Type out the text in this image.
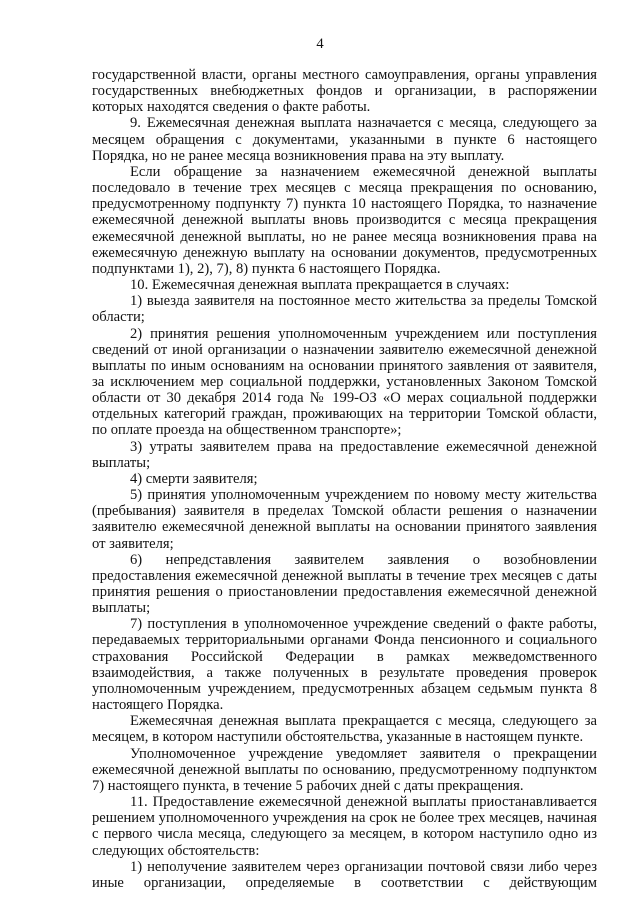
4

государственной власти, органы местного самоуправления, органы управления государственных внебюджетных фондов и организации, в распоряжении которых находятся сведения о факте работы.

9. Ежемесячная денежная выплата назначается с месяца, следующего за месяцем обращения с документами, указанными в пункте 6 настоящего Порядка, но не ранее месяца возникновения права на эту выплату.

Если обращение за назначением ежемесячной денежной выплаты последовало в течение трех месяцев с месяца прекращения по основанию, предусмотренному подпункту 7) пункта 10 настоящего Порядка, то назначение ежемесячной денежной выплаты вновь производится с месяца прекращения ежемесячной денежной выплаты, но не ранее месяца возникновения права на ежемесячную денежную выплату на основании документов, предусмотренных подпунктами 1), 2), 7), 8) пункта 6 настоящего Порядка.

10. Ежемесячная денежная выплата прекращается в случаях:

1) выезда заявителя на постоянное место жительства за пределы Томской области;

2) принятия решения уполномоченным учреждением или поступления сведений от иной организации о назначении заявителю ежемесячной денежной выплаты по иным основаниям на основании принятого заявления от заявителя, за исключением мер социальной поддержки, установленных Законом Томской области от 30 декабря 2014 года № 199-ОЗ «О мерах социальной поддержки отдельных категорий граждан, проживающих на территории Томской области, по оплате проезда на общественном транспорте»;

3) утраты заявителем права на предоставление ежемесячной денежной выплаты;

4) смерти заявителя;

5) принятия уполномоченным учреждением по новому месту жительства (пребывания) заявителя в пределах Томской области решения о назначении заявителю ежемесячной денежной выплаты на основании принятого заявления от заявителя;

6) непредставления заявителем заявления о возобновлении предоставления ежемесячной денежной выплаты в течение трех месяцев с даты принятия решения о приостановлении предоставления ежемесячной денежной выплаты;

7) поступления в уполномоченное учреждение сведений о факте работы, передаваемых территориальными органами Фонда пенсионного и социального страхования Российской Федерации в рамках межведомственного взаимодействия, а также полученных в результате проведения проверок уполномоченным учреждением, предусмотренных абзацем седьмым пункта 8 настоящего Порядка.

Ежемесячная денежная выплата прекращается с месяца, следующего за месяцем, в котором наступили обстоятельства, указанные в настоящем пункте.

Уполномоченное учреждение уведомляет заявителя о прекращении ежемесячной денежной выплаты по основанию, предусмотренному подпунктом 7) настоящего пункта, в течение 5 рабочих дней с даты прекращения.

11. Предоставление ежемесячной денежной выплаты приостанавливается решением уполномоченного учреждения на срок не более трех месяцев, начиная с первого числа месяца, следующего за месяцем, в котором наступило одно из следующих обстоятельств:

1) неполучение заявителем через организации почтовой связи либо через иные организации, определяемые в соответствии с действующим
